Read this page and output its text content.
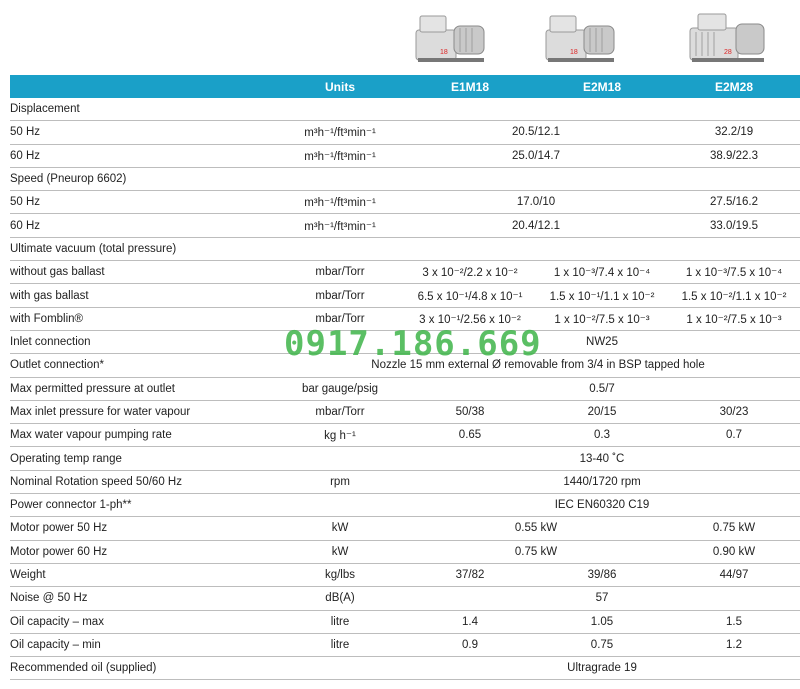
18	18	28
	Units	E1M18	E2M18	E2M28
Displacement				
50 Hz	m³h⁻¹/ft³min⁻¹	20.5/12.1		32.2/19
60 Hz	m³h⁻¹/ft³min⁻¹	25.0/14.7		38.9/22.3
Speed (Pneurop 6602)				
50 Hz	m³h⁻¹/ft³min⁻¹	17.0/10		27.5/16.2
60 Hz	m³h⁻¹/ft³min⁻¹	20.4/12.1		33.0/19.5
Ultimate vacuum (total pressure)				
without gas ballast	mbar/Torr	3 x 10⁻²/2.2 x 10⁻²	1 x 10⁻³/7.4 x 10⁻⁴	1 x 10⁻³/7.5 x 10⁻⁴
with gas ballast	mbar/Torr	6.5 x 10⁻¹/4.8 x 10⁻¹	1.5 x 10⁻¹/1.1 x 10⁻²	1.5 x 10⁻²/1.1 x 10⁻²
with Fomblin®	mbar/Torr	3 x 10⁻¹/2.56 x 10⁻²	1 x 10⁻²/7.5 x 10⁻³	1 x 10⁻²/7.5 x 10⁻³
Inlet connection		NW25		
Outlet connection*	Nozzle 15 mm external Ø removable from 3/4 in BSP tapped hole			
Max permitted pressure at outlet	bar gauge/psig	0.5/7		
Max inlet pressure for water vapour	mbar/Torr	50/38	20/15	30/23
Max water vapour pumping rate	kg h⁻¹	0.65	0.3	0.7
Operating temp range		13-40 ˚C		
Nominal Rotation speed 50/60 Hz	rpm	1440/1720 rpm		
Power connector 1-ph**		IEC EN60320 C19		
Motor power 50 Hz	kW	0.55 kW		0.75 kW
Motor power 60 Hz	kW	0.75 kW		0.90 kW
Weight	kg/lbs	37/82	39/86	44/97
Noise @ 50 Hz	dB(A)	57		
Oil capacity – max	litre	1.4	1.05	1.5
Oil capacity – min	litre	0.9	0.75	1.2
Recommended oil (supplied)		Ultragrade 19		
0917.186.669
